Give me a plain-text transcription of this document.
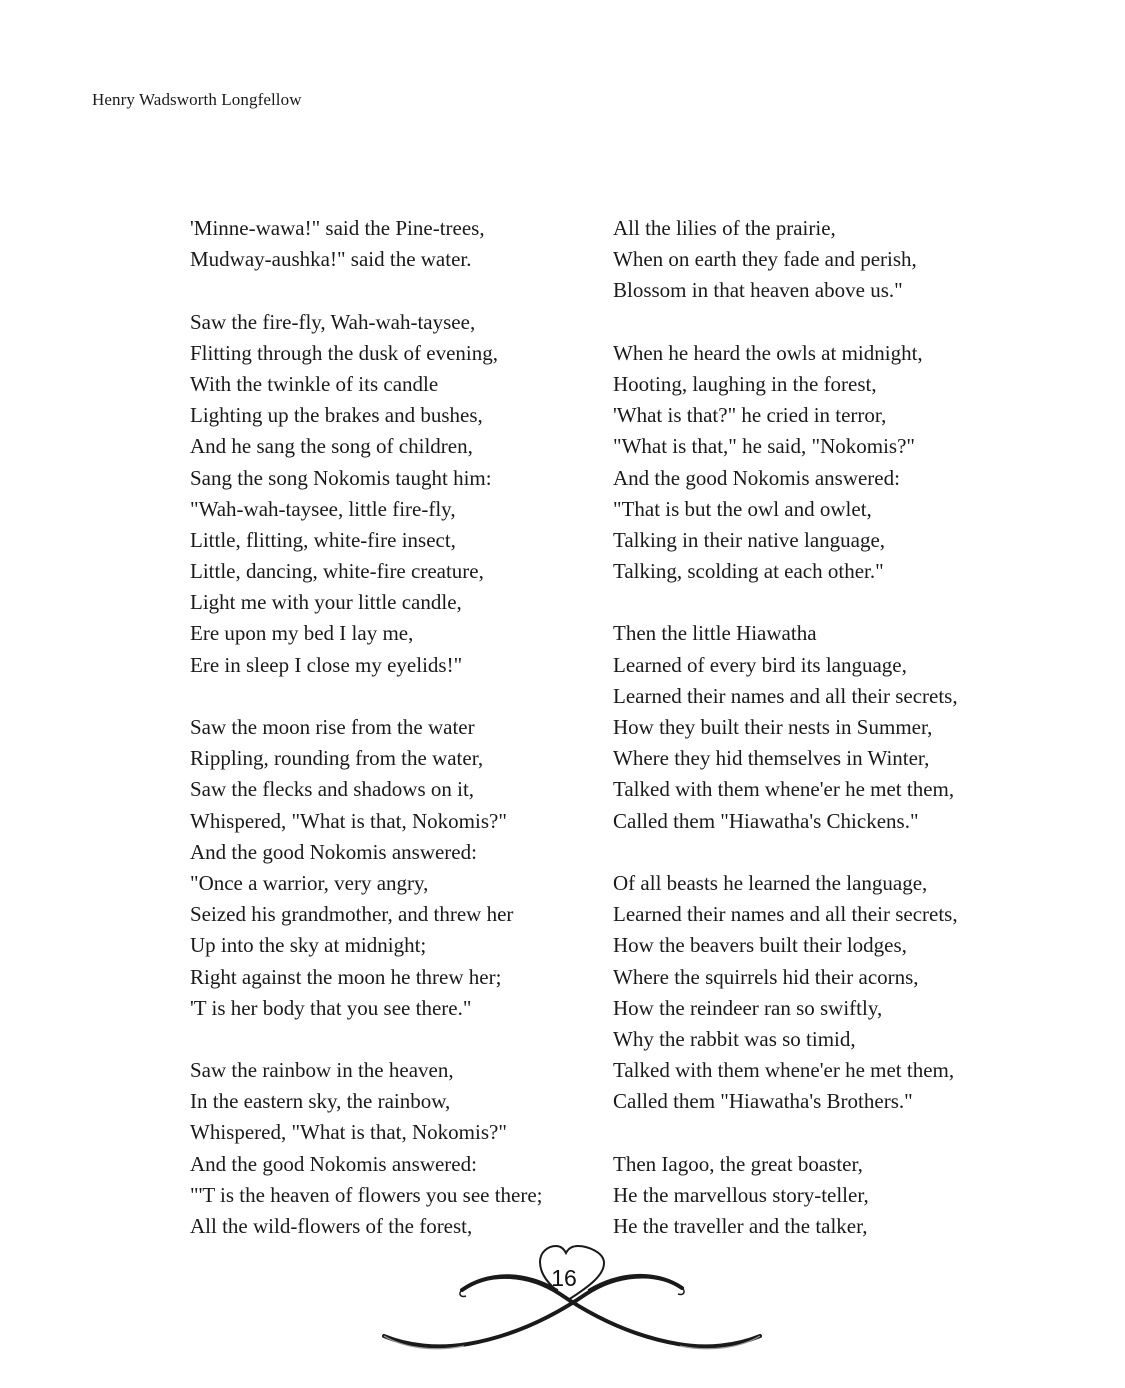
Henry Wadsworth Longfellow
'Minne-wawa!" said the Pine-trees,
Mudway-aushka!" said the water.
Saw the fire-fly, Wah-wah-taysee,
Flitting through the dusk of evening,
With the twinkle of its candle
Lighting up the brakes and bushes,
And he sang the song of children,
Sang the song Nokomis taught him:
"Wah-wah-taysee, little fire-fly,
Little, flitting, white-fire insect,
Little, dancing, white-fire creature,
Light me with your little candle,
Ere upon my bed I lay me,
Ere in sleep I close my eyelids!"
Saw the moon rise from the water
Rippling, rounding from the water,
Saw the flecks and shadows on it,
Whispered, "What is that, Nokomis?"
And the good Nokomis answered:
"Once a warrior, very angry,
Seized his grandmother, and threw her
Up into the sky at midnight;
Right against the moon he threw her;
'T is her body that you see there."
Saw the rainbow in the heaven,
In the eastern sky, the rainbow,
Whispered, "What is that, Nokomis?"
And the good Nokomis answered:
"'T is the heaven of flowers you see there;
All the wild-flowers of the forest,
All the lilies of the prairie,
When on earth they fade and perish,
Blossom in that heaven above us."
When he heard the owls at midnight,
Hooting, laughing in the forest,
'What is that?" he cried in terror,
"What is that," he said, "Nokomis?"
And the good Nokomis answered:
"That is but the owl and owlet,
Talking in their native language,
Talking, scolding at each other."
Then the little Hiawatha
Learned of every bird its language,
Learned their names and all their secrets,
How they built their nests in Summer,
Where they hid themselves in Winter,
Talked with them whene'er he met them,
Called them "Hiawatha's Chickens."
Of all beasts he learned the language,
Learned their names and all their secrets,
How the beavers built their lodges,
Where the squirrels hid their acorns,
How the reindeer ran so swiftly,
Why the rabbit was so timid,
Talked with them whene'er he met them,
Called them "Hiawatha's Brothers."
Then Iagoo, the great boaster,
He the marvellous story-teller,
He the traveller and the talker,
16
